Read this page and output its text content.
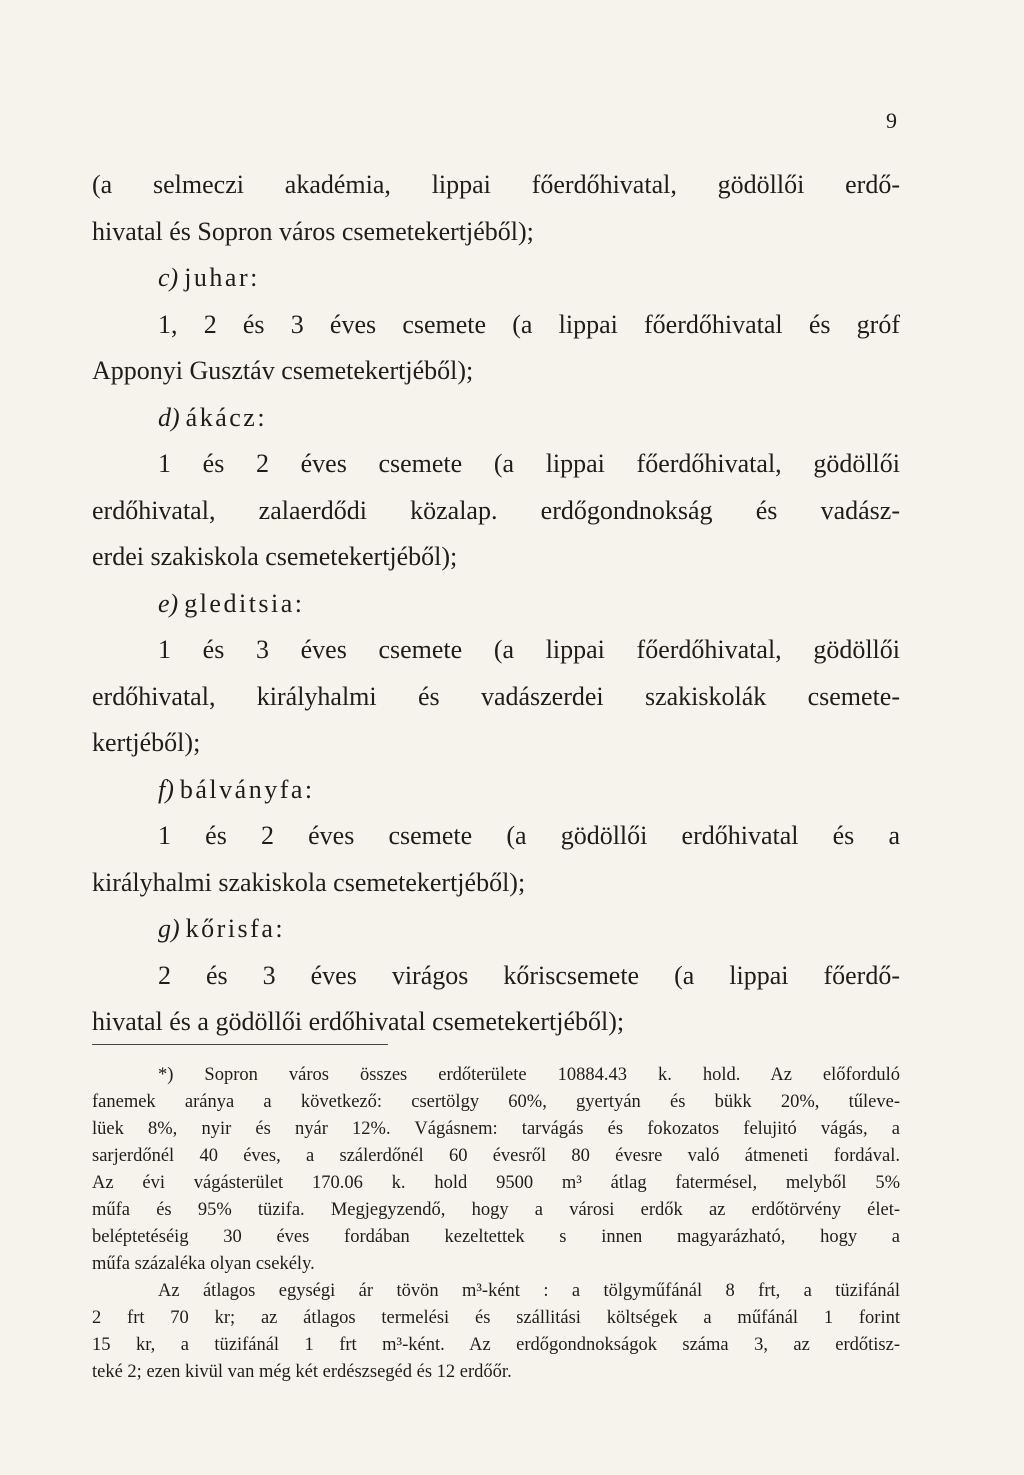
9

(a selmeczi akadémia, lippai főerdőhivatal, gödöllői erdő-

hivatal és Sopron város csemetekertjéből);

c) juhar:

1, 2 és 3 éves csemete (a lippai főerdőhivatal és gróf

Apponyi Gusztáv csemetekertjéből);

d) ákácz:

1 és 2 éves csemete (a lippai főerdőhivatal, gödöllői

erdőhivatal, zalaerdődi közalap. erdőgondnokság és vadász-

erdei szakiskola csemetekertjéből);

e) gleditsia:

1 és 3 éves csemete (a lippai főerdőhivatal, gödöllői

erdőhivatal, királyhalmi és vadászerdei szakiskolák csemete-

kertjéből);

f) bálványfa:

1 és 2 éves csemete (a gödöllői erdőhivatal és a

királyhalmi szakiskola csemetekertjéből);

g) kőrisfa:

2 és 3 éves virágos kőriscsemete (a lippai főerdő-

hivatal és a gödöllői erdőhivatal csemetekertjéből);

*) Sopron város összes erdőterülete 10884.43 k. hold. Az előforduló

fanemek aránya a következő: csertölgy 60%, gyertyán és bükk 20%, tűleve-

lüek 8%, nyir és nyár 12%. Vágásnem: tarvágás és fokozatos felujitó vágás, a

sarjerdőnél 40 éves, a szálerdőnél 60 évesről 80 évesre való átmeneti fordával.

Az évi vágásterület 170.06 k. hold 9500 m³ átlag fatermésel, melyből 5%

műfa és 95% tüzifa. Megjegyzendő, hogy a városi erdők az erdőtörvény élet-

beléptetéséig 30 éves fordában kezeltettek s innen magyarázható, hogy a

műfa százaléka olyan csekély.

Az átlagos egységi ár tövön m³-ként : a tölgyműfánál 8 frt, a tüzifánál

2 frt 70 kr; az átlagos termelési és szállitási költségek a műfánál 1 forint

15 kr, a tüzifánál 1 frt m³-ként. Az erdőgondnokságok száma 3, az erdőtisz-

teké 2; ezen kivül van még két erdészsegéd és 12 erdőőr.
